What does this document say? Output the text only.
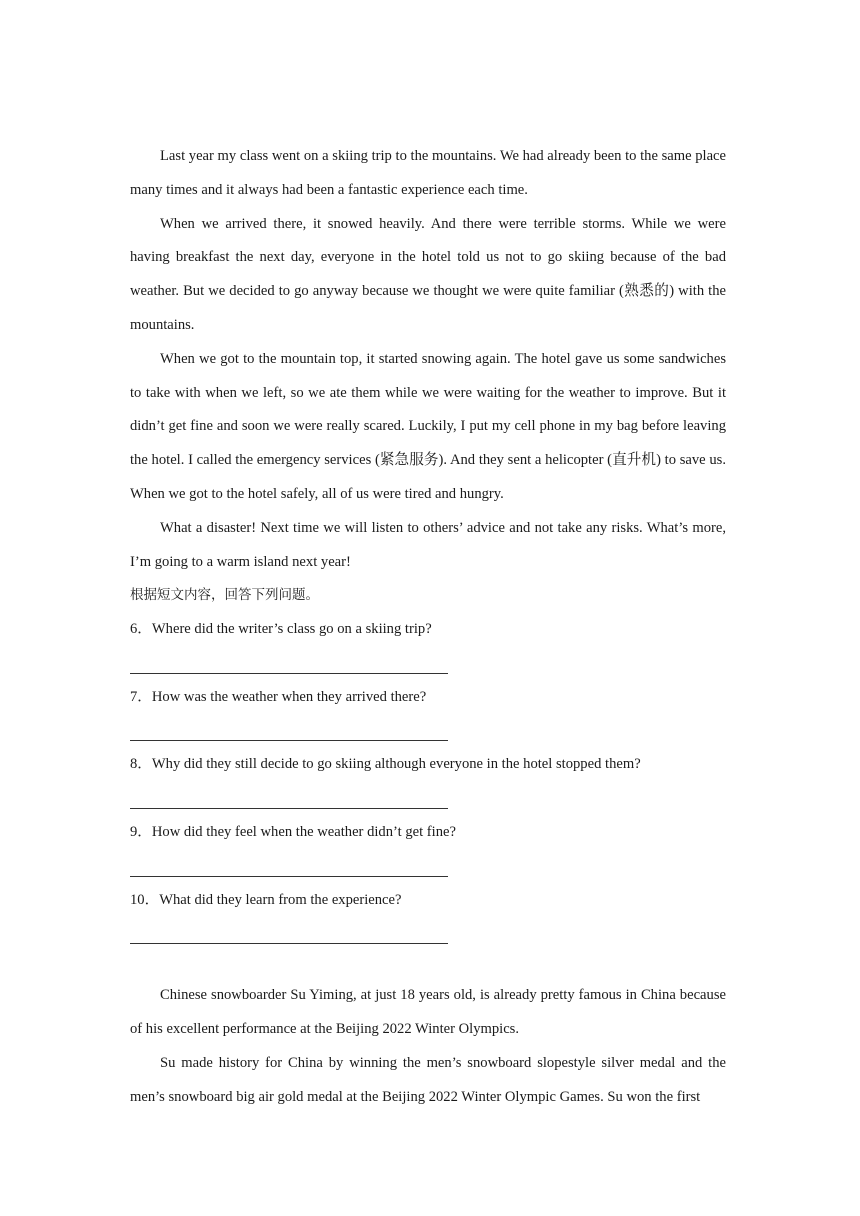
Last year my class went on a skiing trip to the mountains. We had already been to the same place many times and it always had been a fantastic experience each time.

When we arrived there, it snowed heavily. And there were terrible storms. While we were having breakfast the next day, everyone in the hotel told us not to go skiing because of the bad weather. But we decided to go anyway because we thought we were quite familiar (熟悉的) with the mountains.

When we got to the mountain top, it started snowing again. The hotel gave us some sandwiches to take with when we left, so we ate them while we were waiting for the weather to improve. But it didn’t get fine and soon we were really scared. Luckily, I put my cell phone in my bag before leaving the hotel. I called the emergency services (紧急服务). And they sent a helicopter (直升机) to save us. When we got to the hotel safely, all of us were tired and hungry.

What a disaster! Next time we will listen to others’ advice and not take any risks. What’s more, I’m going to a warm island next year!

根据短文内容，回答下列问题。

6．Where did the writer’s class go on a skiing trip?

7．How was the weather when they arrived there?

8．Why did they still decide to go skiing although everyone in the hotel stopped them?

9．How did they feel when the weather didn’t get fine?

10．What did they learn from the experience?

Chinese snowboarder Su Yiming, at just 18 years old, is already pretty famous in China because of his excellent performance at the Beijing 2022 Winter Olympics.

Su made history for China by winning the men’s snowboard slopestyle silver medal and the men’s snowboard big air gold medal at the Beijing 2022 Winter Olympic Games. Su won the first
